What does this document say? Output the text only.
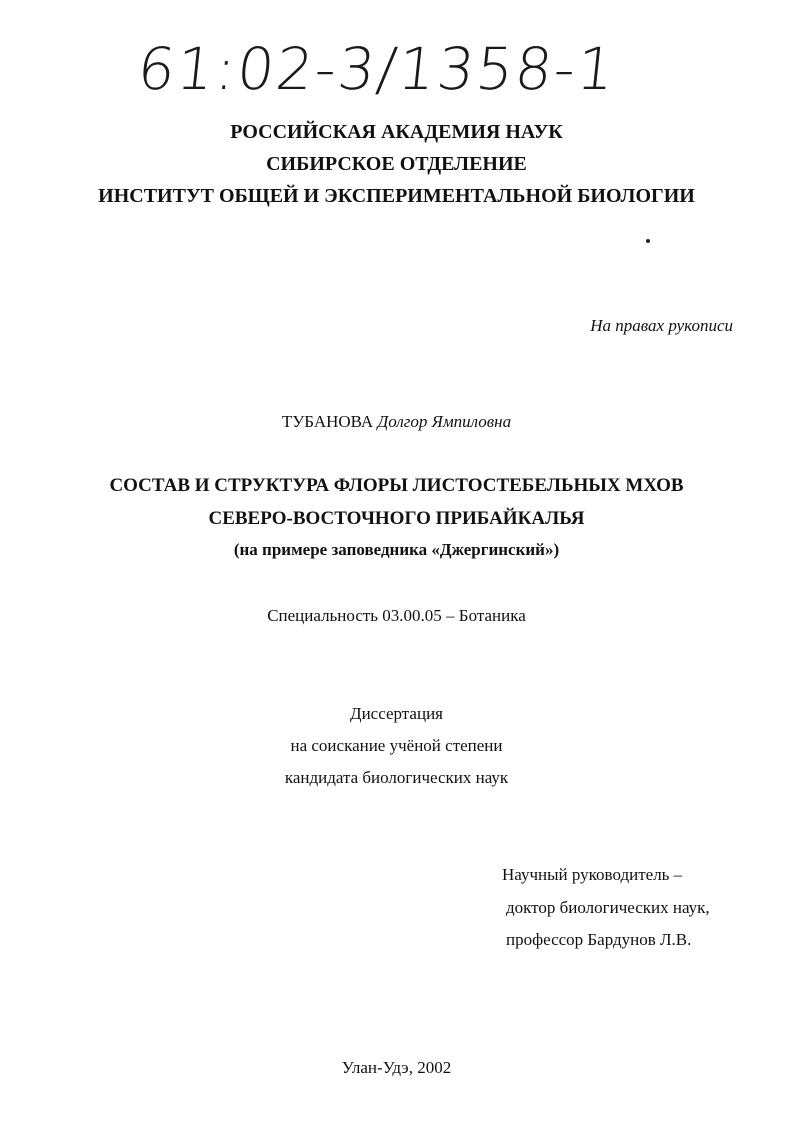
61:02-3/1358-1
РОССИЙСКАЯ АКАДЕМИЯ НАУК
СИБИРСКОЕ ОТДЕЛЕНИЕ
ИНСТИТУТ ОБЩЕЙ И ЭКСПЕРИМЕНТАЛЬНОЙ БИОЛОГИИ
На правах рукописи
ТУБАНОВА Долгор Ямпиловна
СОСТАВ И СТРУКТУРА ФЛОРЫ ЛИСТОСТЕБЕЛЬНЫХ МХОВ
СЕВЕРО-ВОСТОЧНОГО ПРИБАЙКАЛЬЯ
(на примере заповедника «Джергинский»)
Специальность 03.00.05 – Ботаника
Диссертация
на соискание учёной степени
кандидата биологических наук
Научный руководитель –
доктор биологических наук,
профессор Бардунов Л.В.
Улан-Удэ, 2002
